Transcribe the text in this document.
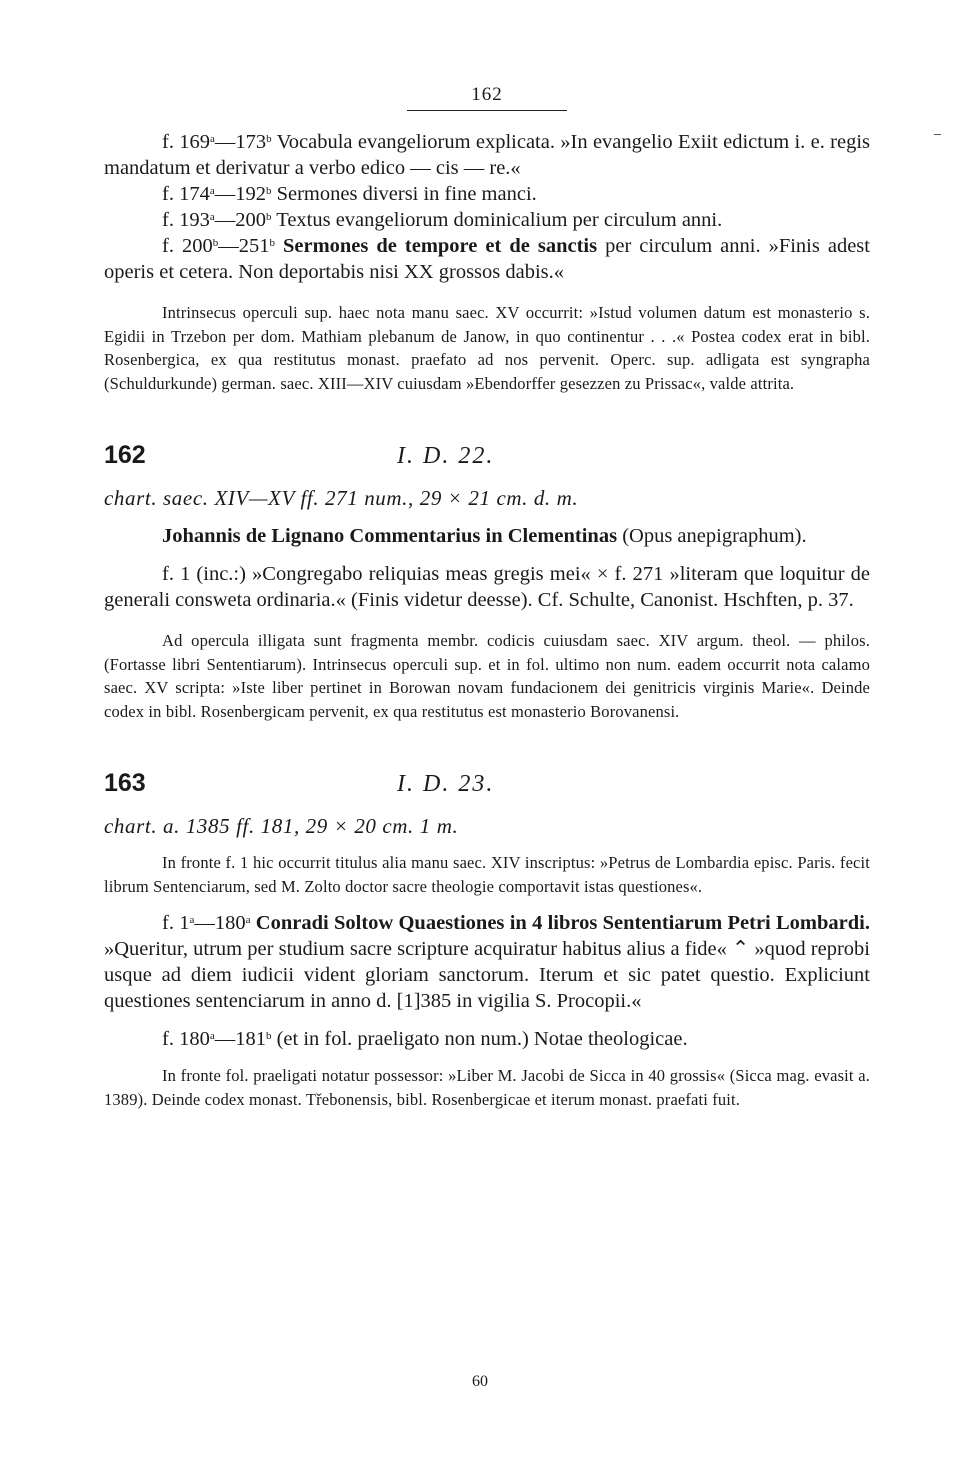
162

f. 169$^a$—173$^b$ Vocabula evangeliorum explicata. »In evangelio Exiit edictum i. e. regis mandatum et derivatur a verbo edico — cis — re.«

f. 174$^a$—192$^b$ Sermones diversi in fine manci.

f. 193$^a$—200$^b$ Textus evangeliorum dominicalium per circulum anni.

f. 200$^b$—251$^b$ Sermones de tempore et de sanctis per circulum anni. »Finis adest operis et cetera. Non deportabis nisi XX grossos dabis.«

Intrinsecus operculi sup. haec nota manu saec. XV occurrit: »Istud volumen datum est monasterio s. Egidii in Trzebon per dom. Mathiam plebanum de Janow, in quo continentur . . .« Postea codex erat in bibl. Rosenbergica, ex qua restitutus monast. praefato ad nos pervenit. Operc. sup. adligata est syngrapha (Schuldurkunde) german. saec. XIII—XIV cuiusdam »Ebendorffer gesezzen zu Prissac«, valde attrita.

162	I. D. 22.

chart. saec. XIV—XV ff. 271 num., 29 × 21 cm. d. m.

Johannis de Lignano Commentarius in Clementinas (Opus anepigraphum).

f. 1 (inc.:) »Congregabo reliquias meas gregis mei« × f. 271 »literam que loquitur de generali consweta ordinaria.« (Finis videtur deesse). Cf. Schulte, Canonist. Hschften, p. 37.

Ad opercula illigata sunt fragmenta membr. codicis cuiusdam saec. XIV argum. theol. — philos. (Fortasse libri Sententiarum). Intrinsecus operculi sup. et in fol. ultimo non num. eadem occurrit nota calamo saec. XV scripta: »Iste liber pertinet in Borowan novam fundacionem dei genitricis virginis Marie«. Deinde codex in bibl. Rosenbergicam pervenit, ex qua restitutus est monasterio Borovanensi.

163	I. D. 23.

chart. a. 1385 ff. 181, 29 × 20 cm. 1 m.

In fronte f. 1 hic occurrit titulus alia manu saec. XIV inscriptus: »Petrus de Lombardia episc. Paris. fecit librum Sentenciarum, sed M. Zolto doctor sacre theologie comportavit istas questiones«.

f. 1$^a$—180$^a$ Conradi Soltow Quaestiones in 4 libros Sententiarum Petri Lombardi. »Queritur, utrum per studium sacre scripture acquiratur habitus alius a fide« ⌃ »quod reprobi usque ad diem iudicii vident gloriam sanctorum. Iterum et sic patet questio. Expliciunt questiones sentenciarum in anno d. [1]385 in vigilia S. Procopii.«

f. 180$^a$—181$^b$ (et in fol. praeligato non num.) Notae theologicae.

In fronte fol. praeligati notatur possessor: »Liber M. Jacobi de Sicca in 40 grossis« (Sicca mag. evasit a. 1389). Deinde codex monast. Třebonensis, bibl. Rosenbergicae et iterum monast. praefati fuit.

60
